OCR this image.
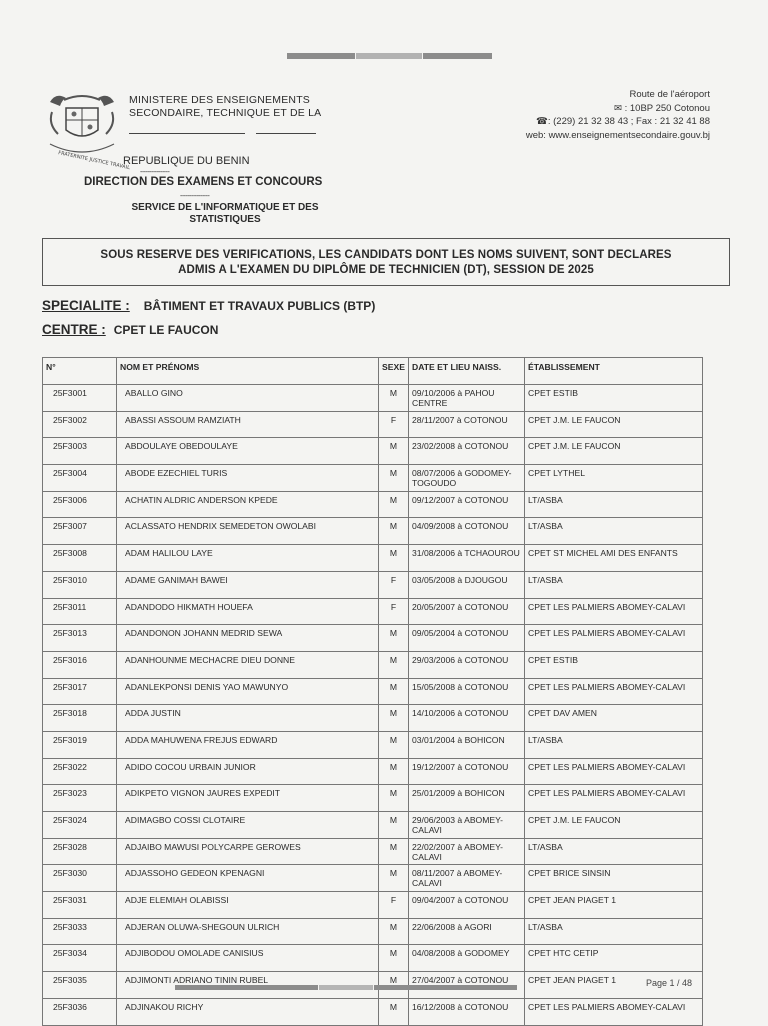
FRATERNITE JUSTICE TRAVAIL
MINISTERE DES ENSEIGNEMENTS
SECONDAIRE, TECHNIQUE ET DE LA
Route de l'aéroport
✉ : 10BP 250 Cotonou
☎: (229) 21 32 38 43 ; Fax : 21 32 41 88
web: www.enseignementsecondaire.gouv.bj
REPUBLIQUE DU BENIN
----------------
DIRECTION DES EXAMENS ET CONCOURS
----------------
SERVICE DE L'INFORMATIQUE ET DES
STATISTIQUES
SOUS RESERVE DES VERIFICATIONS, LES CANDIDATS DONT LES NOMS SUIVENT, SONT DECLARES
ADMIS A L'EXAMEN DU DIPLÔME DE TECHNICIEN (DT), SESSION DE 2025
SPECIALITE : BÂTIMENT ET TRAVAUX PUBLICS (BTP)
CENTRE : CPET LE FAUCON
N°	NOM ET PRÉNOMS	SEXE	DATE ET LIEU NAISS.	ÉTABLISSEMENT
25F3001	ABALLO GINO	M	09/10/2006 à PAHOU CENTRE	CPET ESTIB
25F3002	ABASSI ASSOUM RAMZIATH	F	28/11/2007 à COTONOU	CPET J.M. LE FAUCON
25F3003	ABDOULAYE OBEDOULAYE	M	23/02/2008 à COTONOU	CPET J.M. LE FAUCON
25F3004	ABODE EZECHIEL TURIS	M	08/07/2006 à GODOMEY-TOGOUDO	CPET LYTHEL
25F3006	ACHATIN ALDRIC ANDERSON KPEDE	M	09/12/2007 à COTONOU	LT/ASBA
25F3007	ACLASSATO HENDRIX SEMEDETON OWOLABI	M	04/09/2008 à COTONOU	LT/ASBA
25F3008	ADAM HALILOU LAYE	M	31/08/2006 à TCHAOUROU	CPET ST MICHEL AMI DES ENFANTS
25F3010	ADAME GANIMAH BAWEI	F	03/05/2008 à DJOUGOU	LT/ASBA
25F3011	ADANDODO HIKMATH HOUEFA	F	20/05/2007 à COTONOU	CPET LES PALMIERS ABOMEY-CALAVI
25F3013	ADANDONON JOHANN MEDRID SEWA	M	09/05/2004 à COTONOU	CPET LES PALMIERS ABOMEY-CALAVI
25F3016	ADANHOUNME MECHACRE DIEU DONNE	M	29/03/2006 à COTONOU	CPET ESTIB
25F3017	ADANLEKPONSI DENIS YAO MAWUNYO	M	15/05/2008 à COTONOU	CPET LES PALMIERS ABOMEY-CALAVI
25F3018	ADDA JUSTIN	M	14/10/2006 à COTONOU	CPET DAV AMEN
25F3019	ADDA MAHUWENA FREJUS EDWARD	M	03/01/2004 à BOHICON	LT/ASBA
25F3022	ADIDO COCOU URBAIN JUNIOR	M	19/12/2007 à COTONOU	CPET LES PALMIERS ABOMEY-CALAVI
25F3023	ADIKPETO VIGNON JAURES EXPEDIT	M	25/01/2009 à BOHICON	CPET LES PALMIERS ABOMEY-CALAVI
25F3024	ADIMAGBO COSSI CLOTAIRE	M	29/06/2003 à ABOMEY-CALAVI	CPET J.M. LE FAUCON
25F3028	ADJAIBO MAWUSI POLYCARPE GEROWES	M	22/02/2007 à ABOMEY-CALAVI	LT/ASBA
25F3030	ADJASSOHO GEDEON KPENAGNI	M	08/11/2007 à ABOMEY-CALAVI	CPET BRICE SINSIN
25F3031	ADJE ELEMIAH OLABISSI	F	09/04/2007 à COTONOU	CPET JEAN PIAGET 1
25F3033	ADJERAN OLUWA-SHEGOUN ULRICH	M	22/06/2008 à AGORI	LT/ASBA
25F3034	ADJIBODOU OMOLADE CANISIUS	M	04/08/2008 à GODOMEY	CPET HTC CETIP
25F3035	ADJIMONTI ADRIANO TININ RUBEL	M	27/04/2007 à COTONOU	CPET JEAN PIAGET 1
25F3036	ADJINAKOU RICHY	M	16/12/2008 à COTONOU	CPET LES PALMIERS ABOMEY-CALAVI
Page 1 / 48
